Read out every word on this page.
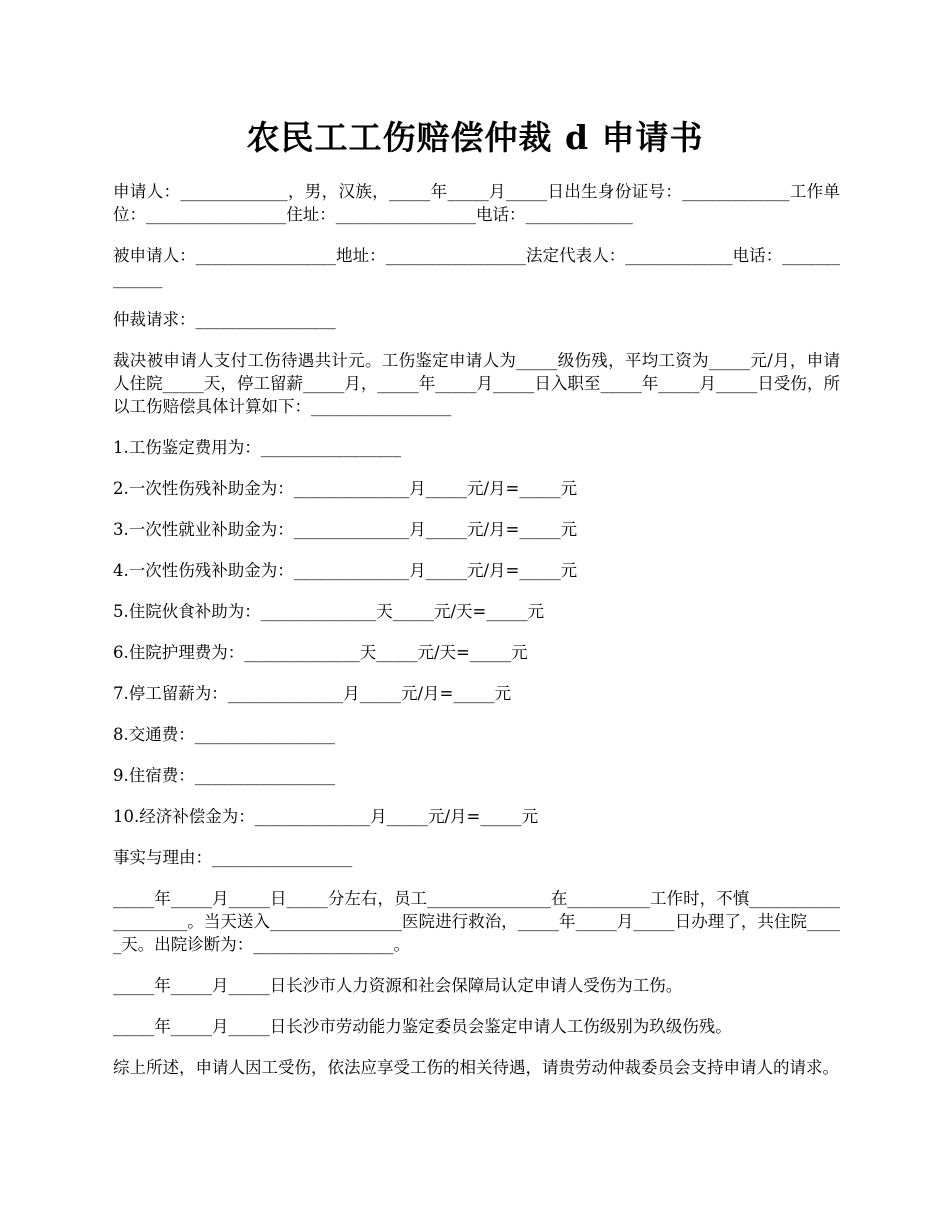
农民工工伤赔偿仲裁 d 申请书

申请人：_____________，男，汉族，_____年_____月_____日出生身份证号：_____________工作单位：_________________住址：_________________电话：_____________

被申请人：_________________地址：_________________法定代表人：_____________电话：_____________

仲裁请求：_________________

裁决被申请人支付工伤待遇共计元。工伤鉴定申请人为_____级伤残，平均工资为_____元/月，申请人住院_____天，停工留薪_____月，_____年_____月_____日入职至_____年_____月_____日受伤，所以工伤赔偿具体计算如下：_________________

1.工伤鉴定费用为：_________________

2.一次性伤残补助金为：______________月_____元/月=_____元

3.一次性就业补助金为：______________月_____元/月=_____元

4.一次性伤残补助金为：______________月_____元/月=_____元

5.住院伙食补助为：______________天_____元/天=_____元

6.住院护理费为：______________天_____元/天=_____元

7.停工留薪为：______________月_____元/月=_____元

8.交通费：_________________

9.住宿费：_________________

10.经济补偿金为：______________月_____元/月=_____元

事实与理由：_________________

_____年_____月_____日_____分左右，员工_______________在__________工作时，不慎____________________。当天送入________________医院进行救治，_____年_____月_____日办理了，共住院_____天。出院诊断为：_________________。

_____年_____月_____日长沙市人力资源和社会保障局认定申请人受伤为工伤。

_____年_____月_____日长沙市劳动能力鉴定委员会鉴定申请人工伤级别为玖级伤残。

综上所述，申请人因工受伤，依法应享受工伤的相关待遇，请贵劳动仲裁委员会支持申请人的请求。
